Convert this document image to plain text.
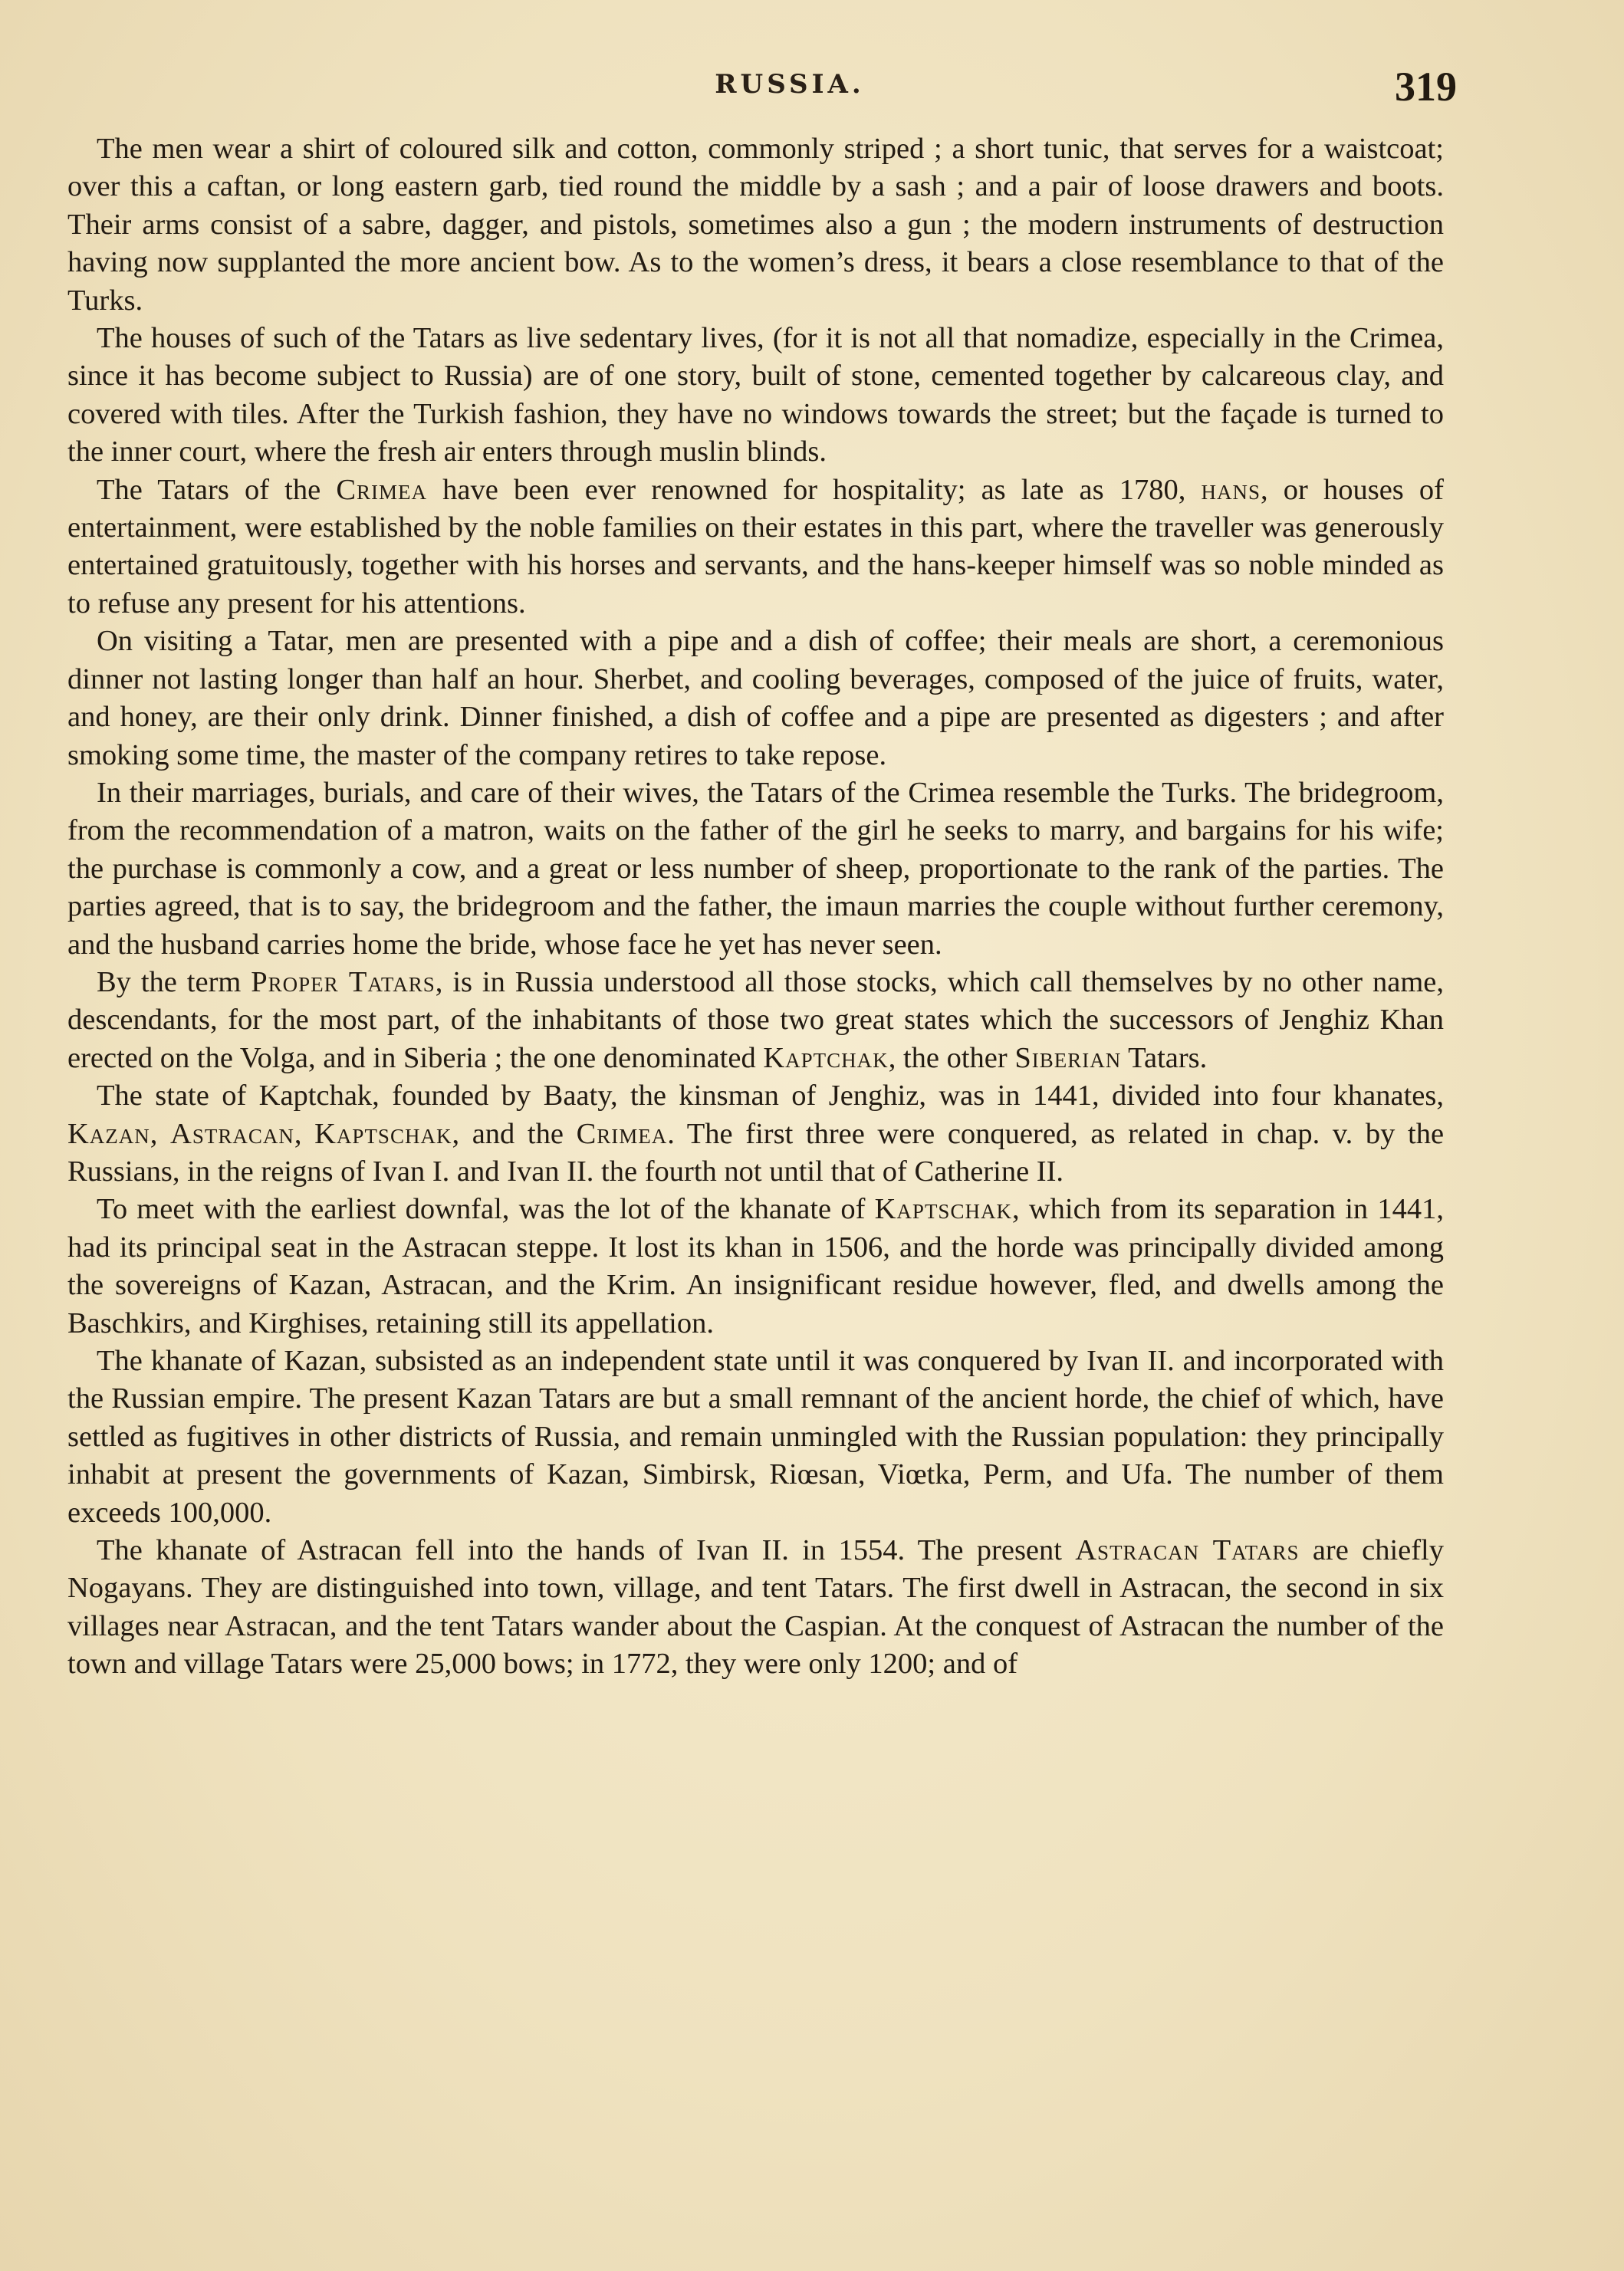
RUSSIA.	319

The men wear a shirt of coloured silk and cotton, commonly striped ; a short tunic, that serves for a waistcoat; over this a caftan, or long eastern garb, tied round the middle by a sash ; and a pair of loose drawers and boots. Their arms consist of a sabre, dagger, and pistols, sometimes also a gun ; the modern instruments of destruction having now supplanted the more ancient bow. As to the women’s dress, it bears a close resemblance to that of the Turks.

The houses of such of the Tatars as live sedentary lives, (for it is not all that nomadize, especially in the Crimea, since it has become subject to Russia) are of one story, built of stone, cemented together by calcareous clay, and covered with tiles. After the Turkish fashion, they have no windows towards the street; but the façade is turned to the inner court, where the fresh air enters through muslin blinds.

The Tatars of the Crimea have been ever renowned for hospitality; as late as 1780, hans, or houses of entertainment, were established by the noble families on their estates in this part, where the traveller was generously entertained gratuitously, together with his horses and servants, and the hans-keeper himself was so noble minded as to refuse any present for his attentions.

On visiting a Tatar, men are presented with a pipe and a dish of coffee; their meals are short, a ceremonious dinner not lasting longer than half an hour. Sherbet, and cooling beverages, composed of the juice of fruits, water, and honey, are their only drink. Dinner finished, a dish of coffee and a pipe are presented as digesters ; and after smoking some time, the master of the company retires to take repose.

In their marriages, burials, and care of their wives, the Tatars of the Crimea resemble the Turks. The bridegroom, from the recommendation of a matron, waits on the father of the girl he seeks to marry, and bargains for his wife; the purchase is commonly a cow, and a great or less number of sheep, proportionate to the rank of the parties. The parties agreed, that is to say, the bridegroom and the father, the imaun marries the couple without further ceremony, and the husband carries home the bride, whose face he yet has never seen.

By the term Proper Tatars, is in Russia understood all those stocks, which call themselves by no other name, descendants, for the most part, of the inhabitants of those two great states which the successors of Jenghiz Khan erected on the Volga, and in Siberia ; the one denominated Kaptchak, the other Siberian Tatars.

The state of Kaptchak, founded by Baaty, the kinsman of Jenghiz, was in 1441, divided into four khanates, Kazan, Astracan, Kaptschak, and the Crimea. The first three were conquered, as related in chap. v. by the Russians, in the reigns of Ivan I. and Ivan II. the fourth not until that of Catherine II.

To meet with the earliest downfal, was the lot of the khanate of Kaptschak, which from its separation in 1441, had its principal seat in the Astracan steppe. It lost its khan in 1506, and the horde was principally divided among the sovereigns of Kazan, Astracan, and the Krim. An insignificant residue however, fled, and dwells among the Baschkirs, and Kirghises, retaining still its appellation.

The khanate of Kazan, subsisted as an independent state until it was conquered by Ivan II. and incorporated with the Russian empire. The present Kazan Tatars are but a small remnant of the ancient horde, the chief of which, have settled as fugitives in other districts of Russia, and remain unmingled with the Russian population: they principally inhabit at present the governments of Kazan, Simbirsk, Riœsan, Viœtka, Perm, and Ufa. The number of them exceeds 100,000.

The khanate of Astracan fell into the hands of Ivan II. in 1554. The present Astracan Tatars are chiefly Nogayans. They are distinguished into town, village, and tent Tatars. The first dwell in Astracan, the second in six villages near Astracan, and the tent Tatars wander about the Caspian. At the conquest of Astracan the number of the town and village Tatars were 25,000 bows; in 1772, they were only 1200; and of
